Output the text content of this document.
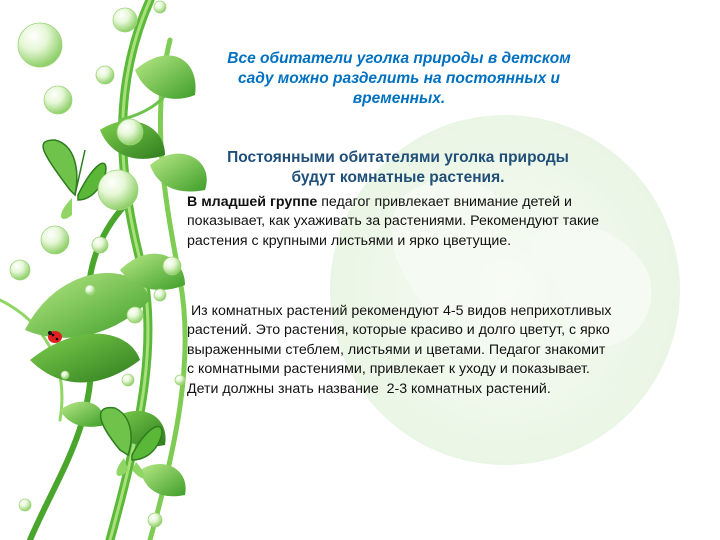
Все обитатели уголка природы в детском
саду можно разделить на постоянных и
временных.
Постоянными обитателями уголка природы
будут комнатные растения.
В младшей группе педагог привлекает внимание детей и показывает, как ухаживать за растениями. Рекомендуют такие растения с крупными листьями и ярко цветущие.
Из комнатных растений рекомендуют 4-5 видов неприхотливых растений. Это растения, которые красиво и долго цветут, с ярко выраженными стеблем, листьями и цветами. Педагог знакомит с комнатными растениями, привлекает к уходу и показывает.  Дети должны знать название  2-3 комнатных растений.
